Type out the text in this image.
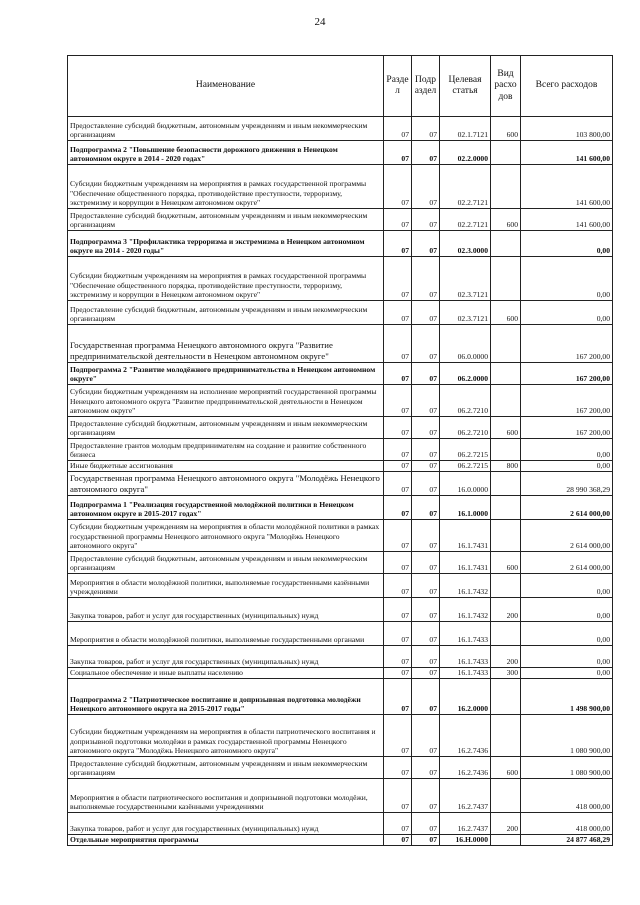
24
Наименование	Разде л	Подр аздел	Целевая статья	Вид расхо дов	Всего расходов
Предоставление субсидий бюджетным, автономным учреждениям и иным некоммерческим организациям	07	07	02.1.7121	600	103 800,00
Подпрограмма 2 "Повышение безопасности дорожного движения в Ненецком автономном округе в 2014 - 2020 годах"	07	07	02.2.0000		141 600,00
Субсидии бюджетным учреждениям на мероприятия в рамках государственной программы "Обеспечение общественного порядка, противодействие преступности, терроризму, экстремизму и коррупции в Ненецком автономном округе"	07	07	02.2.7121		141 600,00
Предоставление субсидий бюджетным, автономным учреждениям и иным некоммерческим организациям	07	07	02.2.7121	600	141 600,00
Подпрограмма 3 "Профилактика терроризма и экстремизма в Ненецком автономном округе на 2014 - 2020 годы"	07	07	02.3.0000		0,00
Субсидии бюджетным учреждениям на мероприятия в рамках государственной программы "Обеспечение общественного порядка, противодействие преступности, терроризму, экстремизму и коррупции в Ненецком автономном округе"	07	07	02.3.7121		0,00
Предоставление субсидий бюджетным, автономным учреждениям и иным некоммерческим организациям	07	07	02.3.7121	600	0,00
Государственная программа Ненецкого автономного округа "Развитие предпринимательской деятельности в Ненецком автономном округе"	07	07	06.0.0000		167 200,00
Подпрограмма 2 "Развитие молодёжного предпринимательства в Ненецком автономном округе"	07	07	06.2.0000		167 200,00
Субсидии бюджетным учреждениям на исполнение мероприятий государственной программы Ненецкого автономного округа "Развитие предпринимательской деятельности в Ненецком автономном округе"	07	07	06.2.7210		167 200,00
Предоставление субсидий бюджетным, автономным учреждениям и иным некоммерческим организациям	07	07	06.2.7210	600	167 200,00
Предоставление грантов молодым предпринимателям на создание и развитие собственного бизнеса	07	07	06.2.7215		0,00
Иные бюджетные ассигнования	07	07	06.2.7215	800	0,00
Государственная программа Ненецкого автономного округа "Молодёжь Ненецкого автономного округа"	07	07	16.0.0000		28 990 368,29
Подпрограмма 1 "Реализация государственной молодёжной политики в Ненецком автономном округе в 2015-2017 годах"	07	07	16.1.0000		2 614 000,00
Субсидии бюджетным учреждениям на мероприятия в области молодёжной политики в рамках государственной программы Ненецкого автономного округа "Молодёжь Ненецкого автономного округа"	07	07	16.1.7431		2 614 000,00
Предоставление субсидий бюджетным, автономным учреждениям и иным некоммерческим организациям	07	07	16.1.7431	600	2 614 000,00
Мероприятия в области молодёжной политики, выполняемые государственными казёнными учреждениями	07	07	16.1.7432		0,00
Закупка товаров, работ и услуг для государственных (муниципальных) нужд	07	07	16.1.7432	200	0,00
Мероприятия в области молодёжной политики, выполняемые государственными органами	07	07	16.1.7433		0,00
Закупка товаров, работ и услуг для государственных (муниципальных) нужд	07	07	16.1.7433	200	0,00
Социальное обеспечение и иные выплаты населению	07	07	16.1.7433	300	0,00
Подпрограмма 2 "Патриотическое воспитание и допризывная подготовка молодёжи Ненецкого автономного округа на 2015-2017 годы"	07	07	16.2.0000		1 498 900,00
Субсидии бюджетным учреждениям на мероприятия в области патриотического воспитания и допризывной подготовки молодёжи в рамках государственной программы Ненецкого автономного округа "Молодёжь Ненецкого автономного округа"	07	07	16.2.7436		1 080 900,00
Предоставление субсидий бюджетным, автономным учреждениям и иным некоммерческим организациям	07	07	16.2.7436	600	1 080 900,00
Мероприятия в области патриотического воспитания и допризывной подготовки молодёжи, выполняемые государственными казёнными учреждениями	07	07	16.2.7437		418 000,00
Закупка товаров, работ и услуг для государственных (муниципальных) нужд	07	07	16.2.7437	200	418 000,00
Отдельные мероприятия программы	07	07	16.Н.0000		24 877 468,29
